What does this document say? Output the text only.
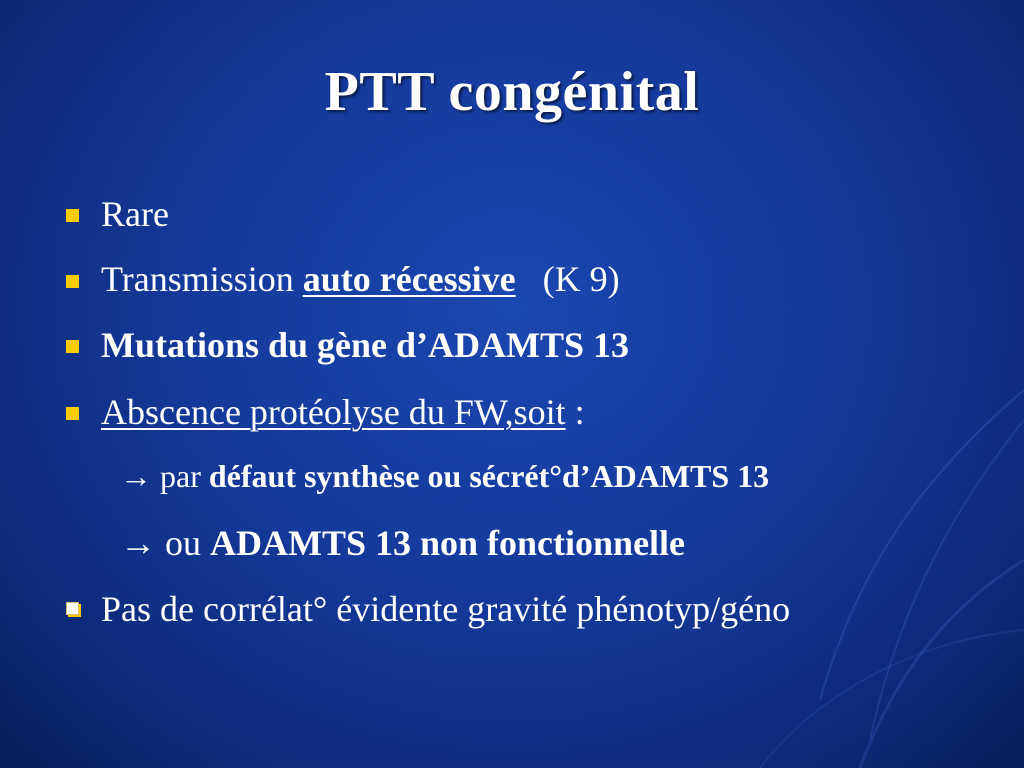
PTT congénital
Rare
Transmission auto récessive   (K 9)
Mutations du gène d’ADAMTS 13
Abscence protéolyse du FW,soit :
→ par défaut synthèse ou sécrét°d’ADAMTS 13
→ ou ADAMTS 13 non fonctionnelle
Pas de corrélat° évidente gravité phénotyp/géno
